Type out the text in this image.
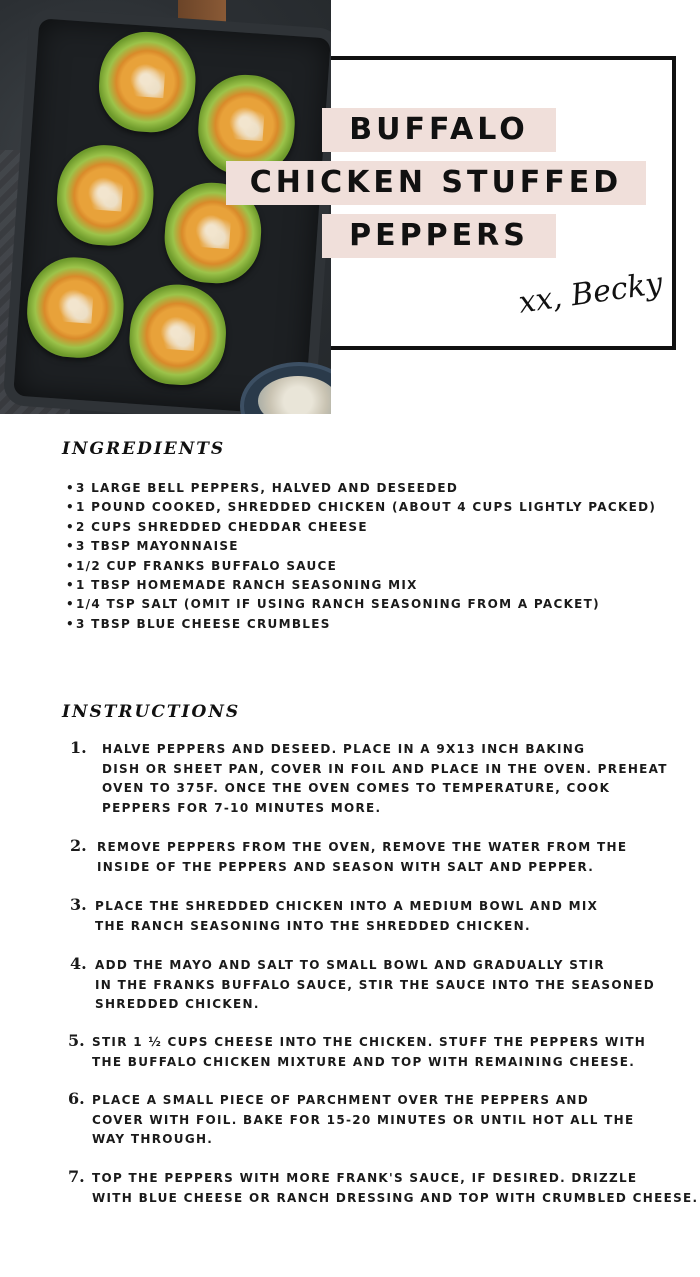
BUFFALO
CHICKEN STUFFED
PEPPERS
xx, Becky
INGREDIENTS
• 3 LARGE BELL PEPPERS, HALVED AND DESEEDED
• 1 POUND COOKED, SHREDDED CHICKEN (ABOUT 4 CUPS LIGHTLY PACKED)
• 2 CUPS SHREDDED CHEDDAR CHEESE
• 3 TBSP MAYONNAISE
• 1/2 CUP FRANKS BUFFALO SAUCE
• 1 TBSP HOMEMADE RANCH SEASONING MIX
• 1/4 TSP SALT (OMIT IF USING RANCH SEASONING FROM A PACKET)
• 3 TBSP BLUE CHEESE CRUMBLES
INSTRUCTIONS
1. HALVE PEPPERS AND DESEED. PLACE IN A 9X13 INCH BAKING
DISH OR SHEET PAN, COVER IN FOIL AND PLACE IN THE OVEN. PREHEAT
OVEN TO 375F. ONCE THE OVEN COMES TO TEMPERATURE, COOK
PEPPERS FOR 7-10 MINUTES MORE.
2. REMOVE PEPPERS FROM THE OVEN, REMOVE THE WATER FROM THE
INSIDE OF THE PEPPERS AND SEASON WITH SALT AND PEPPER.
3. PLACE THE SHREDDED CHICKEN INTO A MEDIUM BOWL AND MIX
THE RANCH SEASONING INTO THE SHREDDED CHICKEN.
4. ADD THE MAYO AND SALT TO SMALL BOWL AND GRADUALLY STIR
IN THE FRANKS BUFFALO SAUCE, STIR THE SAUCE INTO THE SEASONED
SHREDDED CHICKEN.
5. STIR 1 ½ CUPS CHEESE INTO THE CHICKEN. STUFF THE PEPPERS WITH
THE BUFFALO CHICKEN MIXTURE AND TOP WITH REMAINING CHEESE.
6. PLACE A SMALL PIECE OF PARCHMENT OVER THE PEPPERS AND
COVER WITH FOIL. BAKE FOR 15-20 MINUTES OR UNTIL HOT ALL THE
WAY THROUGH.
7. TOP THE PEPPERS WITH MORE FRANK'S SAUCE, IF DESIRED. DRIZZLE
WITH BLUE CHEESE OR RANCH DRESSING AND TOP WITH CRUMBLED CHEESE.
